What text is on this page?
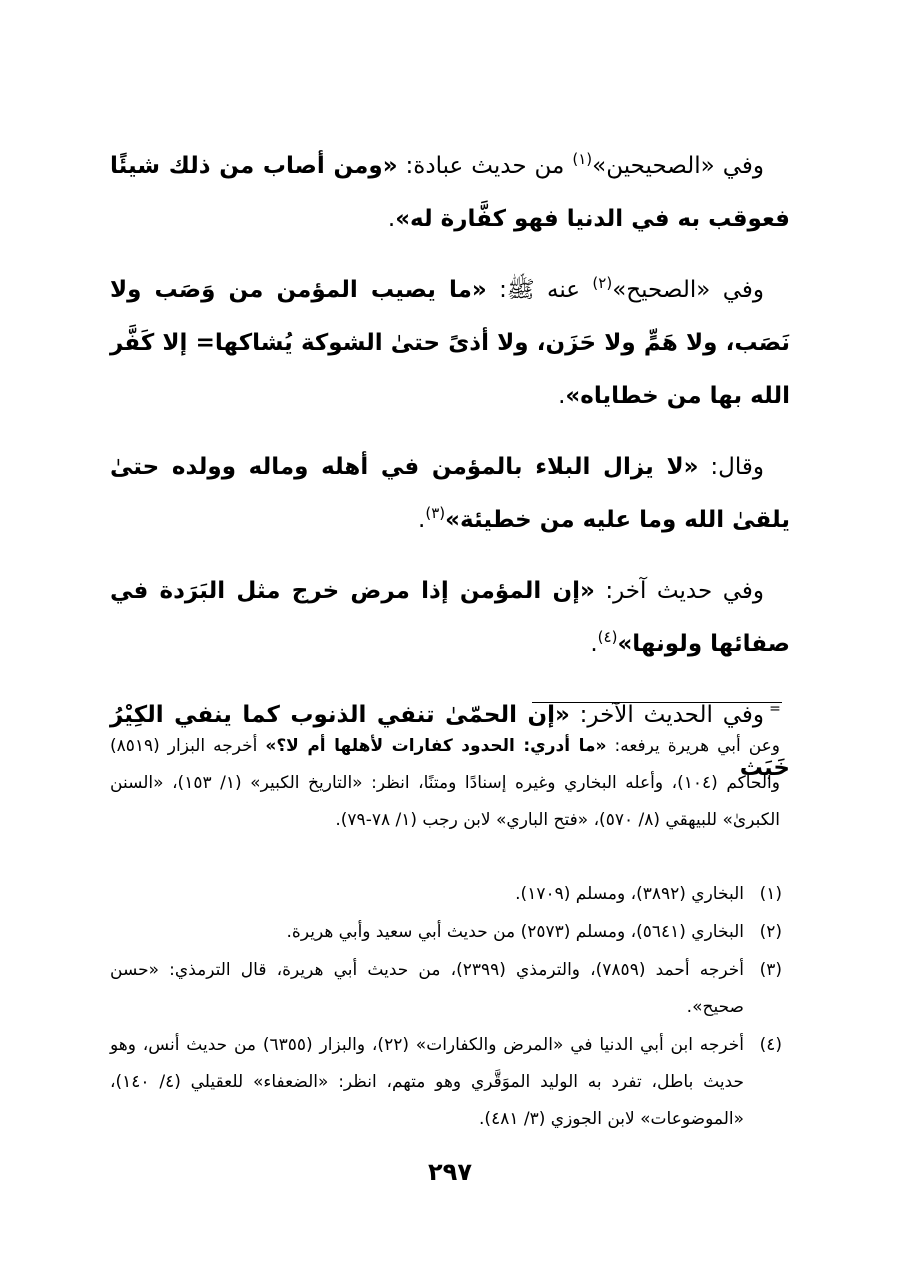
وفي «الصحيحين»$^{(١)}$ من حديث عبادة: «ومن أصاب من ذلك شيئًا فعوقب به في الدنيا فهو كفَّارة له».

وفي «الصحيح»$^{(٢)}$ عنه ﷺ: «ما يصيب المؤمن من وَصَب ولا نَصَب، ولا هَمٍّ ولا حَزَن، ولا أذىً حتىٰ الشوكة يُشاكها= إلا كَفَّر الله بها من خطاياه».

وقال: «لا يزال البلاء بالمؤمن في أهله وماله وولده حتىٰ يلقىٰ الله وما عليه من خطيئة»$^{(٣)}$.

وفي حديث آخر: «إن المؤمن إذا مرض خرج مثل البَرَدة في صفائها ولونها»$^{(٤)}$.

وفي الحديث الآخر: «إن الحمّىٰ تنفي الذنوب كما ينفي الكِيْرُ خَبَث

=

وعن أبي هريرة يرفعه: «ما أدري: الحدود كفارات لأهلها أم لا؟» أخرجه البزار (٨٥١٩) والحاكم (١٠٤)، وأعله البخاري وغيره إسنادًا ومتنًا، انظر: «التاريخ الكبير» (١/ ١٥٣)، «السنن الكبرىٰ» للبيهقي (٨/ ٥٧٠)، «فتح الباري» لابن رجب (١/ ٧٨-٧٩).

(١)
البخاري (٣٨٩٢)، ومسلم (١٧٠٩).
(٢)
البخاري (٥٦٤١)، ومسلم (٢٥٧٣) من حديث أبي سعيد وأبي هريرة.
(٣)
أخرجه أحمد (٧٨٥٩)، والترمذي (٢٣٩٩)، من حديث أبي هريرة، قال الترمذي: «حسن صحيح».
(٤)
أخرجه ابن أبي الدنيا في «المرض والكفارات» (٢٢)، والبزار (٦٣٥٥) من حديث أنس، وهو حديث باطل، تفرد به الوليد الموَقَّري وهو متهم، انظر: «الضعفاء» للعقيلي (٤/ ١٤٠)، «الموضوعات» لابن الجوزي (٣/ ٤٨١).
٢٩٧
